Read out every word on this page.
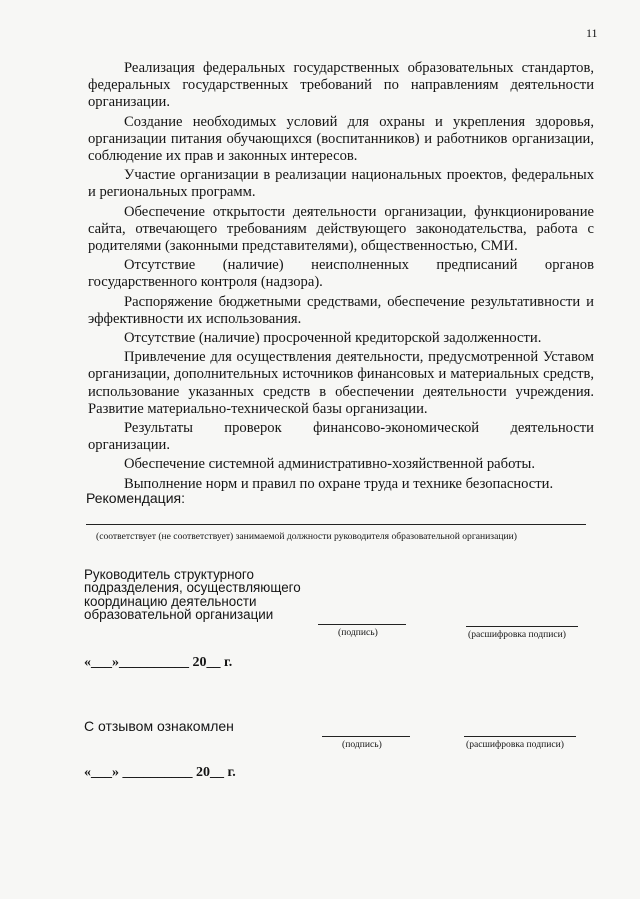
11

Реализация федеральных государственных образовательных стандартов, федеральных государственных требований по направлениям деятельности организации.

Создание необходимых условий для охраны и укрепления здоровья, организации питания обучающихся (воспитанников) и работников организации, соблюдение их прав и законных интересов.

Участие организации в реализации национальных проектов, федеральных и региональных программ.

Обеспечение открытости деятельности организации, функционирование сайта, отвечающего требованиям действующего законодательства, работа с родителями (законными представителями), общественностью, СМИ.

Отсутствие (наличие) неисполненных предписаний органов государственного контроля (надзора).

Распоряжение бюджетными средствами, обеспечение результативности и эффективности их использования.

Отсутствие (наличие) просроченной кредиторской задолженности.

Привлечение для осуществления деятельности, предусмотренной Уставом организации, дополнительных источников финансовых и материальных средств, использование указанных средств в обеспечении деятельности учреждения. Развитие материально-технической базы организации.

Результаты проверок финансово-экономической деятельности организации.

Обеспечение системной административно-хозяйственной работы.

Выполнение норм и правил по охране труда и технике безопасности.

Рекомендация:
(соответствует (не соответствует) занимаемой должности руководителя образовательной организации)
Руководитель структурного
подразделения, осуществляющего
координацию деятельности
образовательной организации
(подпись)	(расшифровка подписи)
«___»__________ 20__ г.
С отзывом ознакомлен
(подпись)	(расшифровка подписи)
«___» __________ 20__ г.
